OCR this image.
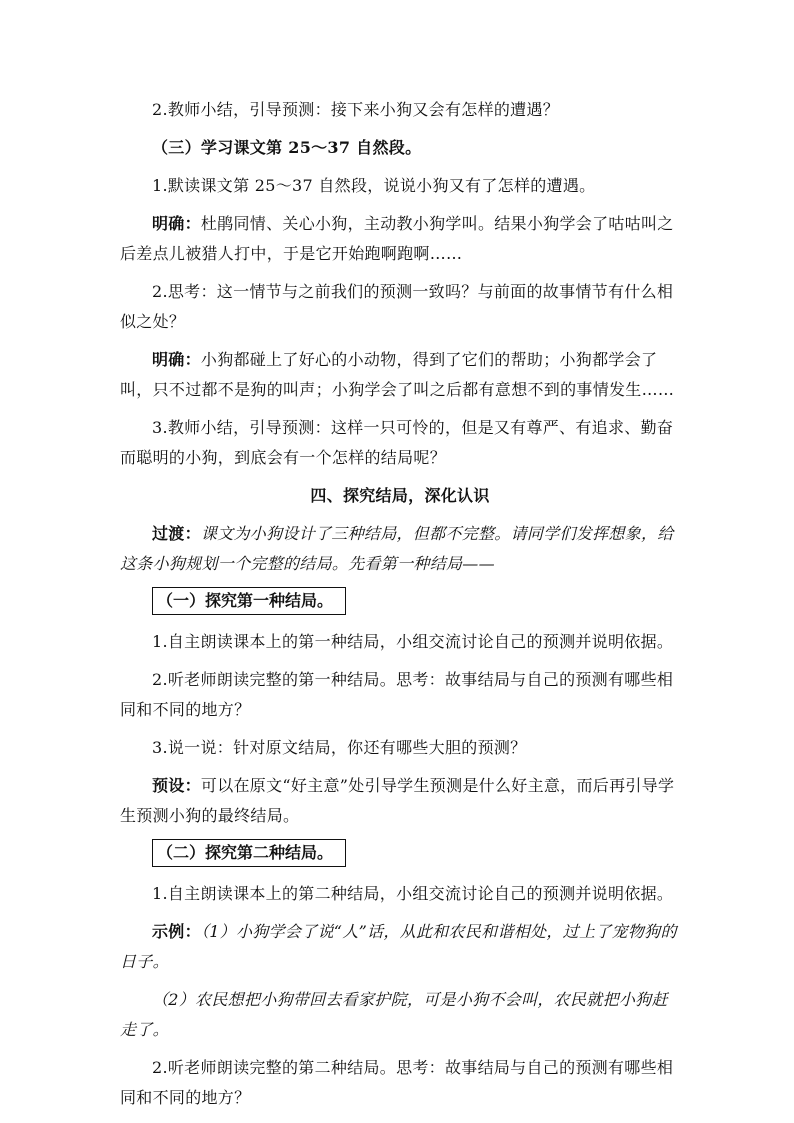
2.教师小结，引导预测：接下来小狗又会有怎样的遭遇？

（三）学习课文第 25～37 自然段。

1.默读课文第 25～37 自然段，说说小狗又有了怎样的遭遇。

明确：杜鹃同情、关心小狗，主动教小狗学叫。结果小狗学会了咕咕叫之后差点儿被猎人打中，于是它开始跑啊跑啊……

2.思考：这一情节与之前我们的预测一致吗？与前面的故事情节有什么相似之处？

明确：小狗都碰上了好心的小动物，得到了它们的帮助；小狗都学会了叫，只不过都不是狗的叫声；小狗学会了叫之后都有意想不到的事情发生……

3.教师小结，引导预测：这样一只可怜的，但是又有尊严、有追求、勤奋而聪明的小狗，到底会有一个怎样的结局呢？

四、探究结局，深化认识

过渡：课文为小狗设计了三种结局，但都不完整。请同学们发挥想象，给这条小狗规划一个完整的结局。先看第一种结局——

（一）探究第一种结局。

1.自主朗读课本上的第一种结局，小组交流讨论自己的预测并说明依据。

2.听老师朗读完整的第一种结局。思考：故事结局与自己的预测有哪些相同和不同的地方？

3.说一说：针对原文结局，你还有哪些大胆的预测？

预设：可以在原文“好主意”处引导学生预测是什么好主意，而后再引导学生预测小狗的最终结局。

（二）探究第二种结局。

1.自主朗读课本上的第二种结局，小组交流讨论自己的预测并说明依据。

示例：（1）小狗学会了说“人”话，从此和农民和谐相处，过上了宠物狗的日子。

（2）农民想把小狗带回去看家护院，可是小狗不会叫，农民就把小狗赶走了。

2.听老师朗读完整的第二种结局。思考：故事结局与自己的预测有哪些相同和不同的地方？
